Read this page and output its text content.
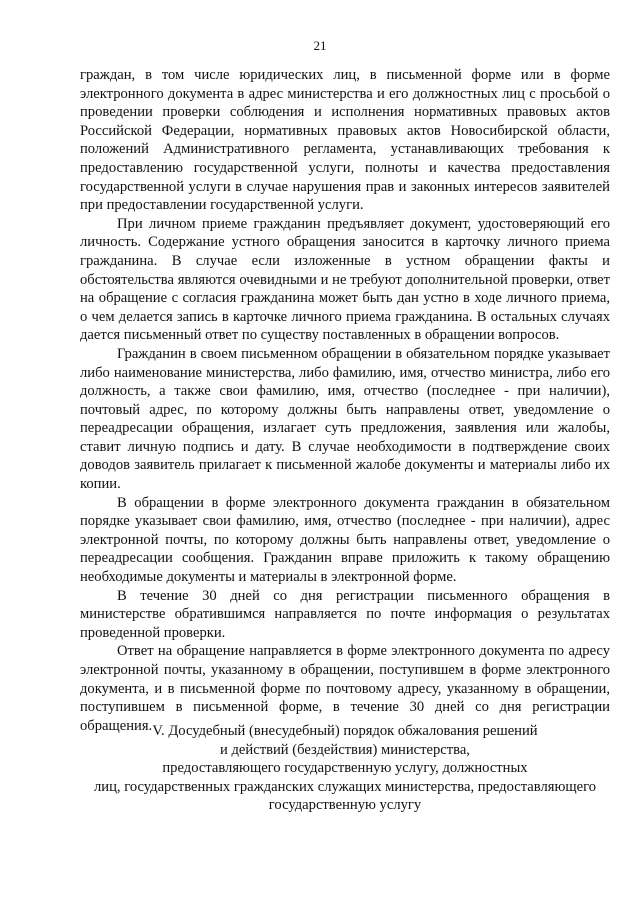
21

граждан, в том числе юридических лиц, в письменной форме или в форме электронного документа в адрес министерства и его должностных лиц с просьбой о проведении проверки соблюдения и исполнения нормативных правовых актов Российской Федерации, нормативных правовых актов Новосибирской области, положений Административного регламента, устанавливающих требования к предоставлению государственной услуги, полноты и качества предоставления государственной услуги в случае нарушения прав и законных интересов заявителей при предоставлении государственной услуги.

При личном приеме гражданин предъявляет документ, удостоверяющий его личность. Содержание устного обращения заносится в карточку личного приема гражданина. В случае если изложенные в устном обращении факты и обстоятельства являются очевидными и не требуют дополнительной проверки, ответ на обращение с согласия гражданина может быть дан устно в ходе личного приема, о чем делается запись в карточке личного приема гражданина. В остальных случаях дается письменный ответ по существу поставленных в обращении вопросов.

Гражданин в своем письменном обращении в обязательном порядке указывает либо наименование министерства, либо фамилию, имя, отчество министра, либо его должность, а также свои фамилию, имя, отчество (последнее - при наличии), почтовый адрес, по которому должны быть направлены ответ, уведомление о переадресации обращения, излагает суть предложения, заявления или жалобы, ставит личную подпись и дату. В случае необходимости в подтверждение своих доводов заявитель прилагает к письменной жалобе документы и материалы либо их копии.

В обращении в форме электронного документа гражданин в обязательном порядке указывает свои фамилию, имя, отчество (последнее - при наличии), адрес электронной почты, по которому должны быть направлены ответ, уведомление о переадресации сообщения. Гражданин вправе приложить к такому обращению необходимые документы и материалы в электронной форме.

В течение 30 дней со дня регистрации письменного обращения в министерстве обратившимся направляется по почте информация о результатах проведенной проверки.

Ответ на обращение направляется в форме электронного документа по адресу электронной почты, указанному в обращении, поступившем в форме электронного документа, и в письменной форме по почтовому адресу, указанному в обращении, поступившем в письменной форме, в течение 30 дней со дня регистрации обращения. V. Досудебный (внесудебный) порядок обжалования решений
и действий (бездействия) министерства,
предоставляющего государственную услугу, должностных
лиц, государственных гражданских служащих министерства, предоставляющего
государственную услугу
